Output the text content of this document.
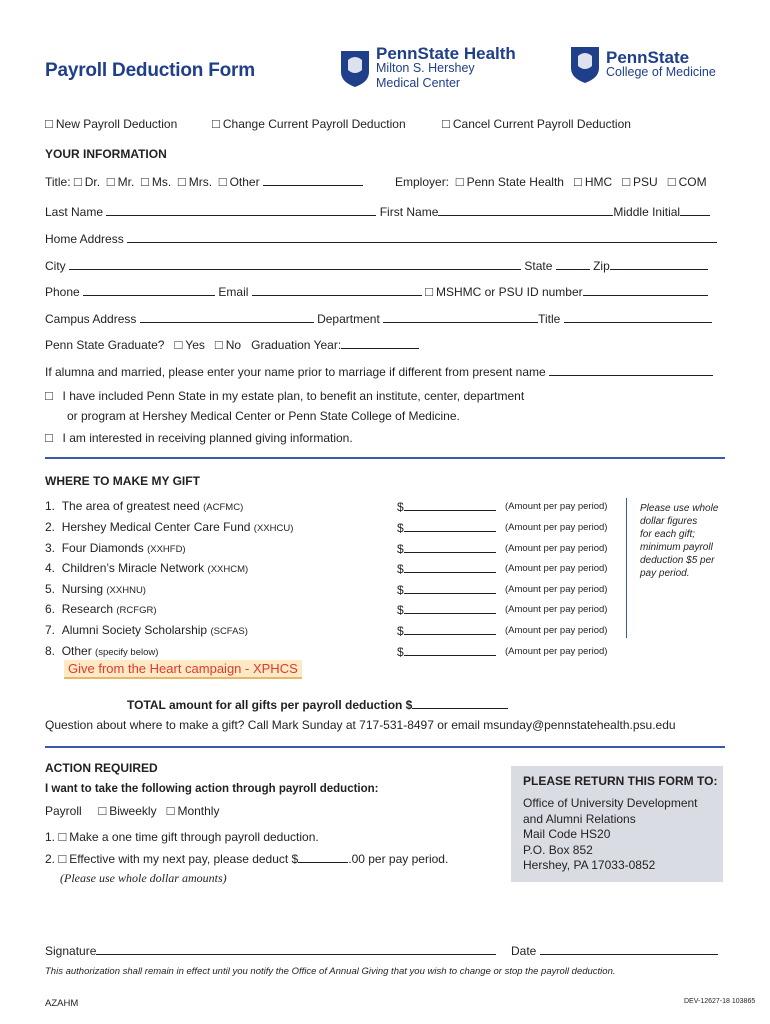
Payroll Deduction Form
PennState Health
Milton S. Hershey
Medical Center
PennState
College of Medicine
□ New Payroll Deduction	□ Change Current Payroll Deduction	□ Cancel Current Payroll Deduction
YOUR INFORMATION
Title: □ Dr. □ Mr. □ Ms. □ Mrs. □ Other	Employer: □ Penn State Health □ HMC □ PSU □ COM
Last Name	First Name	Middle Initial
Home Address
City	State	Zip
Phone	Email	□ MSHMC or PSU ID number
Campus Address	Department	Title
Penn State Graduate? □ Yes □ No Graduation Year:
If alumna and married, please enter your name prior to marriage if different from present name
□ I have included Penn State in my estate plan, to benefit an institute, center, department
or program at Hershey Medical Center or Penn State College of Medicine.
□ I am interested in receiving planned giving information.
WHERE TO MAKE MY GIFT
1. The area of greatest need (ACFMC)	$	(Amount per pay period)
2. Hershey Medical Center Care Fund (XXHCU)	$	(Amount per pay period)
3. Four Diamonds (XXHFD)	$	(Amount per pay period)
4. Children’s Miracle Network (XXHCM)	$	(Amount per pay period)
5. Nursing (XXHNU)	$	(Amount per pay period)
6. Research (RCFGR)	$	(Amount per pay period)
7. Alumni Society Scholarship (SCFAS)	$	(Amount per pay period)
8. Other (specify below)	$	(Amount per pay period)
Please use whole
dollar figures
for each gift;
minimum payroll
deduction $5 per
pay period.
Give from the Heart campaign - XPHCS
TOTAL amount for all gifts per payroll deduction $
Question about where to make a gift? Call Mark Sunday at 717-531-8497 or email msunday@pennstatehealth.psu.edu
ACTION REQUIRED
I want to take the following action through payroll deduction:
Payroll □ Biweekly □ Monthly
1. □ Make a one time gift through payroll deduction.
2. □ Effective with my next pay, please deduct $	.00 per pay period.
(Please use whole dollar amounts)
PLEASE RETURN THIS FORM TO:
Office of University Development
and Alumni Relations
Mail Code HS20
P.O. Box 852
Hershey, PA 17033-0852
Signature	Date
This authorization shall remain in effect until you notify the Office of Annual Giving that you wish to change or stop the payroll deduction.
AZAHM	DEV-12627-18 103865
